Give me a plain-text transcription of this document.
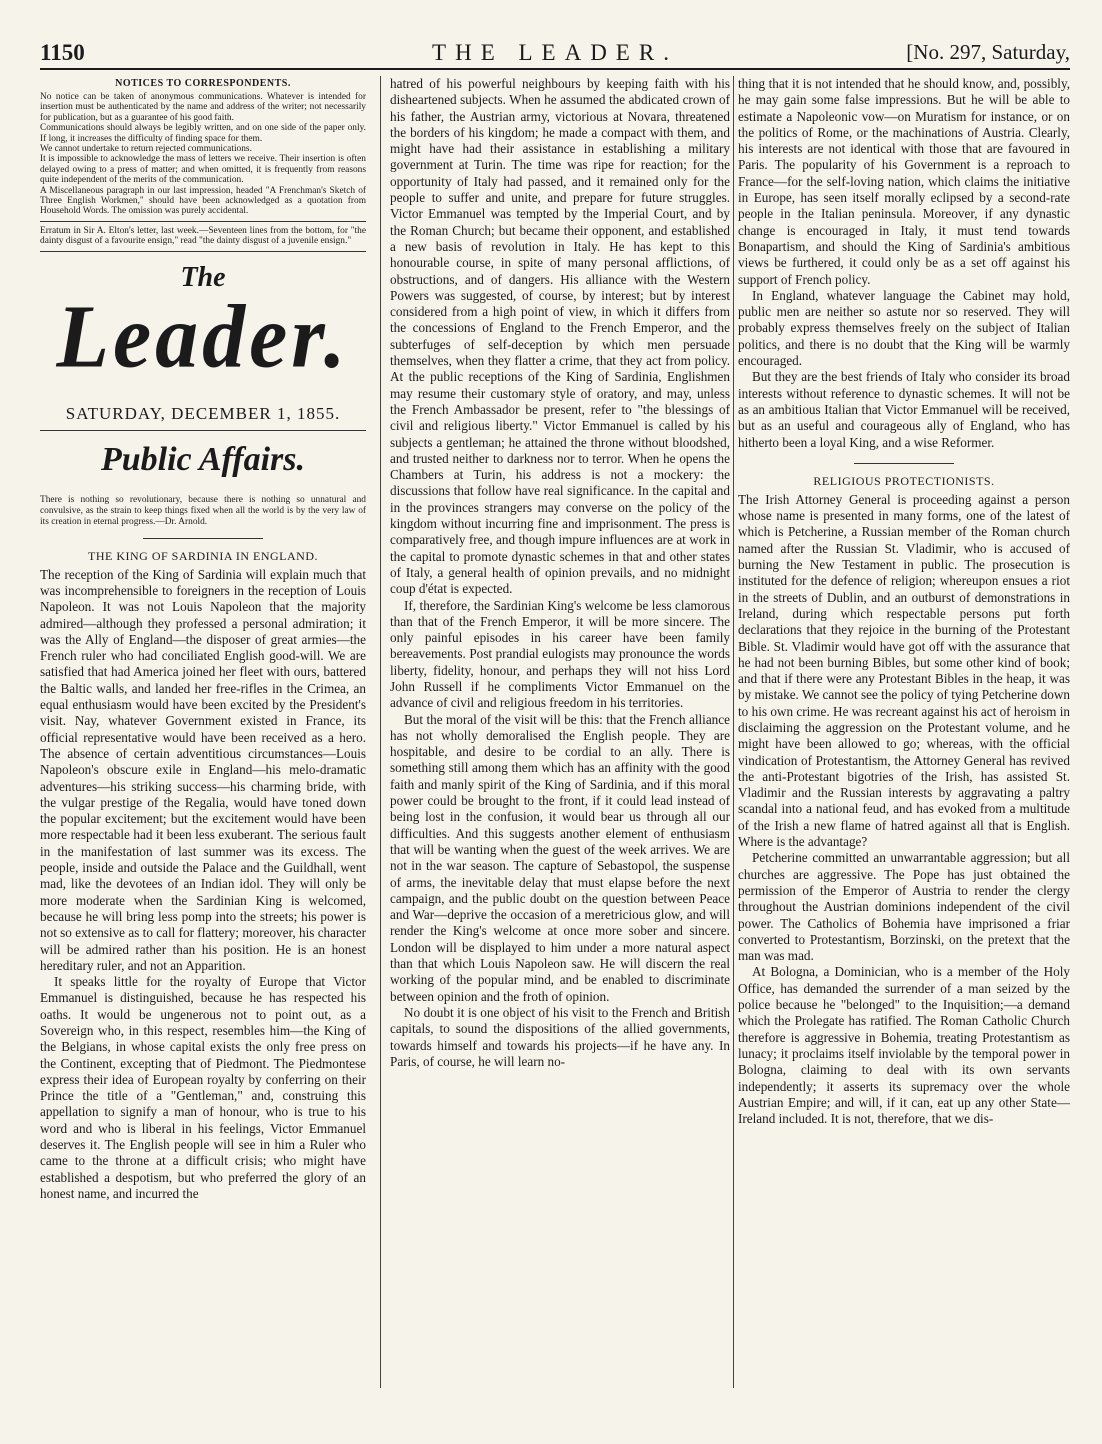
1150	THE LEADER.	[No. 297, Saturday,
NOTICES TO CORRESPONDENTS.

No notice can be taken of anonymous communications. Whatever is intended for insertion must be authenticated by the name and address of the writer; not necessarily for publication, but as a guarantee of his good faith.

Communications should always be legibly written, and on one side of the paper only. If long, it increases the difficulty of finding space for them.

We cannot undertake to return rejected communications.

It is impossible to acknowledge the mass of letters we receive. Their insertion is often delayed owing to a press of matter; and when omitted, it is frequently from reasons quite independent of the merits of the communication.

A Miscellaneous paragraph in our last impression, headed "A Frenchman's Sketch of Three English Workmen," should have been acknowledged as a quotation from Household Words. The omission was purely accidental.

Erratum in Sir A. Elton's letter, last week.—Seventeen lines from the bottom, for "the dainty disgust of a favourite ensign," read "the dainty disgust of a juvenile ensign."

The
Leader.
SATURDAY, DECEMBER 1, 1855.
Public Affairs.

There is nothing so revolutionary, because there is nothing so unnatural and convulsive, as the strain to keep things fixed when all the world is by the very law of its creation in eternal progress.—Dr. Arnold.

THE KING OF SARDINIA IN ENGLAND.

The reception of the King of Sardinia will explain much that was incomprehensible to foreigners in the reception of Louis Napoleon. It was not Louis Napoleon that the majority admired—although they professed a personal admiration; it was the Ally of England—the disposer of great armies—the French ruler who had conciliated English good-will. We are satisfied that had America joined her fleet with ours, battered the Baltic walls, and landed her free-rifles in the Crimea, an equal enthusiasm would have been excited by the President's visit. Nay, whatever Government existed in France, its official representative would have been received as a hero. The absence of certain adventitious circumstances—Louis Napoleon's obscure exile in England—his melo-dramatic adventures—his striking success—his charming bride, with the vulgar prestige of the Regalia, would have toned down the popular excitement; but the excitement would have been more respectable had it been less exuberant. The serious fault in the manifestation of last summer was its excess. The people, inside and outside the Palace and the Guildhall, went mad, like the devotees of an Indian idol. They will only be more moderate when the Sardinian King is welcomed, because he will bring less pomp into the streets; his power is not so extensive as to call for flattery; moreover, his character will be admired rather than his position. He is an honest hereditary ruler, and not an Apparition.

It speaks little for the royalty of Europe that Victor Emmanuel is distinguished, because he has respected his oaths. It would be ungenerous not to point out, as a Sovereign who, in this respect, resembles him—the King of the Belgians, in whose capital exists the only free press on the Continent, excepting that of Piedmont. The Piedmontese express their idea of European royalty by conferring on their Prince the title of a "Gentleman," and, construing this appellation to signify a man of honour, who is true to his word and who is liberal in his feelings, Victor Emmanuel deserves it. The English people will see in him a Ruler who came to the throne at a difficult crisis; who might have established a despotism, but who preferred the glory of an honest name, and incurred the

hatred of his powerful neighbours by keeping faith with his disheartened subjects. When he assumed the abdicated crown of his father, the Austrian army, victorious at Novara, threatened the borders of his kingdom; he made a compact with them, and might have had their assistance in establishing a military government at Turin. The time was ripe for reaction; for the opportunity of Italy had passed, and it remained only for the people to suffer and unite, and prepare for future struggles. Victor Emmanuel was tempted by the Imperial Court, and by the Roman Church; but became their opponent, and established a new basis of revolution in Italy. He has kept to this honourable course, in spite of many personal afflictions, of obstructions, and of dangers. His alliance with the Western Powers was suggested, of course, by interest; but by interest considered from a high point of view, in which it differs from the concessions of England to the French Emperor, and the subterfuges of self-deception by which men persuade themselves, when they flatter a crime, that they act from policy. At the public receptions of the King of Sardinia, Englishmen may resume their customary style of oratory, and may, unless the French Ambassador be present, refer to "the blessings of civil and religious liberty." Victor Emmanuel is called by his subjects a gentleman; he attained the throne without bloodshed, and trusted neither to darkness nor to terror. When he opens the Chambers at Turin, his address is not a mockery: the discussions that follow have real significance. In the capital and in the provinces strangers may converse on the policy of the kingdom without incurring fine and imprisonment. The press is comparatively free, and though impure influences are at work in the capital to promote dynastic schemes in that and other states of Italy, a general health of opinion prevails, and no midnight coup d'état is expected.

If, therefore, the Sardinian King's welcome be less clamorous than that of the French Emperor, it will be more sincere. The only painful episodes in his career have been family bereavements. Post prandial eulogists may pronounce the words liberty, fidelity, honour, and perhaps they will not hiss Lord John Russell if he compliments Victor Emmanuel on the advance of civil and religious freedom in his territories.

But the moral of the visit will be this: that the French alliance has not wholly demoralised the English people. They are hospitable, and desire to be cordial to an ally. There is something still among them which has an affinity with the good faith and manly spirit of the King of Sardinia, and if this moral power could be brought to the front, if it could lead instead of being lost in the confusion, it would bear us through all our difficulties. And this suggests another element of enthusiasm that will be wanting when the guest of the week arrives. We are not in the war season. The capture of Sebastopol, the suspense of arms, the inevitable delay that must elapse before the next campaign, and the public doubt on the question between Peace and War—deprive the occasion of a meretricious glow, and will render the King's welcome at once more sober and sincere. London will be displayed to him under a more natural aspect than that which Louis Napoleon saw. He will discern the real working of the popular mind, and be enabled to discriminate between opinion and the froth of opinion.

No doubt it is one object of his visit to the French and British capitals, to sound the dispositions of the allied governments, towards himself and towards his projects—if he have any. In Paris, of course, he will learn no-

thing that it is not intended that he should know, and, possibly, he may gain some false impressions. But he will be able to estimate a Napoleonic vow—on Muratism for instance, or on the politics of Rome, or the machinations of Austria. Clearly, his interests are not identical with those that are favoured in Paris. The popularity of his Government is a reproach to France—for the self-loving nation, which claims the initiative in Europe, has seen itself morally eclipsed by a second-rate people in the Italian peninsula. Moreover, if any dynastic change is encouraged in Italy, it must tend towards Bonapartism, and should the King of Sardinia's ambitious views be furthered, it could only be as a set off against his support of French policy.

In England, whatever language the Cabinet may hold, public men are neither so astute nor so reserved. They will probably express themselves freely on the subject of Italian politics, and there is no doubt that the King will be warmly encouraged.

But they are the best friends of Italy who consider its broad interests without reference to dynastic schemes. It will not be as an ambitious Italian that Victor Emmanuel will be received, but as an useful and courageous ally of England, who has hitherto been a loyal King, and a wise Reformer.

RELIGIOUS PROTECTIONISTS.

The Irish Attorney General is proceeding against a person whose name is presented in many forms, one of the latest of which is Petcherine, a Russian member of the Roman church named after the Russian St. Vladimir, who is accused of burning the New Testament in public. The prosecution is instituted for the defence of religion; whereupon ensues a riot in the streets of Dublin, and an outburst of demonstrations in Ireland, during which respectable persons put forth declarations that they rejoice in the burning of the Protestant Bible. St. Vladimir would have got off with the assurance that he had not been burning Bibles, but some other kind of book; and that if there were any Protestant Bibles in the heap, it was by mistake. We cannot see the policy of tying Petcherine down to his own crime. He was recreant against his act of heroism in disclaiming the aggression on the Protestant volume, and he might have been allowed to go; whereas, with the official vindication of Protestantism, the Attorney General has revived the anti-Protestant bigotries of the Irish, has assisted St. Vladimir and the Russian interests by aggravating a paltry scandal into a national feud, and has evoked from a multitude of the Irish a new flame of hatred against all that is English. Where is the advantage?

Petcherine committed an unwarrantable aggression; but all churches are aggressive. The Pope has just obtained the permission of the Emperor of Austria to render the clergy throughout the Austrian dominions independent of the civil power. The Catholics of Bohemia have imprisoned a friar converted to Protestantism, Borzinski, on the pretext that the man was mad.

At Bologna, a Dominician, who is a member of the Holy Office, has demanded the surrender of a man seized by the police because he "belonged" to the Inquisition;—a demand which the Prolegate has ratified. The Roman Catholic Church therefore is aggressive in Bohemia, treating Protestantism as lunacy; it proclaims itself inviolable by the temporal power in Bologna, claiming to deal with its own servants independently; it asserts its supremacy over the whole Austrian Empire; and will, if it can, eat up any other State—Ireland included. It is not, therefore, that we dis-
